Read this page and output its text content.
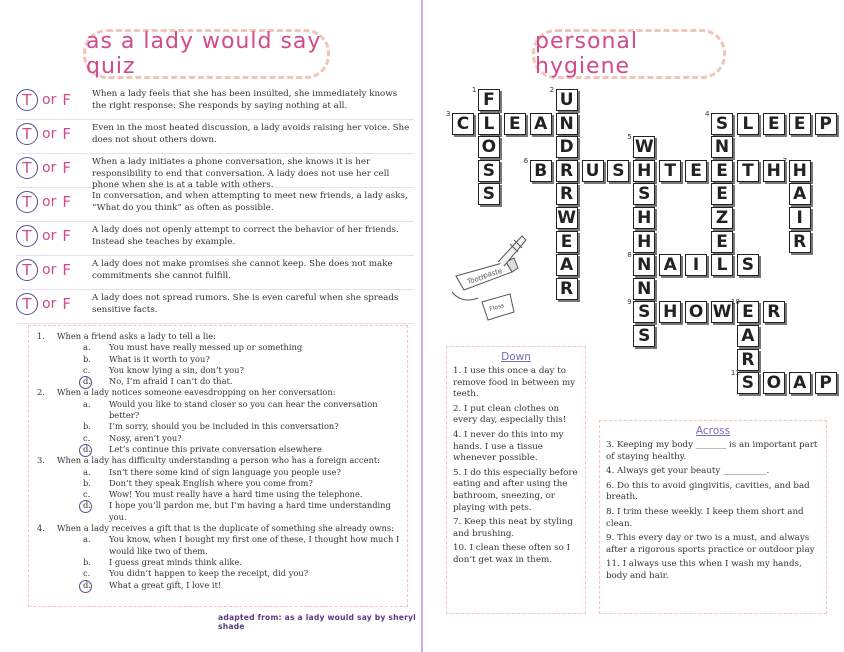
as a lady would say quiz
T or F When a lady feels that she has been insulted, she immediately knows the right response: She responds by saying nothing at all.
T or F Even in the most heated discussion, a lady avoids raising her voice. She does not shout others down.
T or F When a lady initiates a phone conversation, she knows it is her responsibility to end that conversation. A lady does not use her cell phone when she is at a table with others.
T or F In conversation, and when attempting to meet new friends, a lady asks, “What do you think” as often as possible.
T or F A lady does not openly attempt to correct the behavior of her friends. Instead she teaches by example.
T or F A lady does not make promises she cannot keep. She does not make commitments she cannot fulfill.
T or F A lady does not spread rumors. She is even careful when she spreads sensitive facts.
1.	When a friend asks a lady to tell a lie:
a.	You must have really messed up or something
b.	What is it worth to you?
c.	You know lying a sin, don’t you?
d.	No, I’m afraid I can’t do that.
2.	When a lady notices someone eavesdropping on her conversation:
a.	Would you like to stand closer so you can hear the conversation better?
b.	I’m sorry, should you be included in this conversation?
c.	Nosy, aren’t you?
d.	Let’s continue this private conversation elsewhere
3.	When a lady has difficulty understanding a person who has a foreign accent:
a.	Isn’t there some kind of sign language you people use?
b.	Don’t they speak English where you come from?
c.	Wow! You must really have a hard time using the telephone.
d.	I hope you’ll pardon me, but I’m having a hard time understanding you.
4.	When a lady receives a gift that is the duplicate of something she already owns:
a.	You know, when I bought my first one of these, I thought how much I would like two of them.
b.	I guess great minds think alike.
c.	You didn’t happen to keep the receipt, did you?
d.	What a great gift, I love it!
adapted from: as a lady would say by sheryl shade
personal hygiene
F
L
O
S
S
U
N
D
R
R
W
E
A
R
C	E A	S
N
E
E
Z
E
L E E P
W
H
S
H
H
N
N
S
S
B U S	T E	T H H
A
I
R
A I	L S
H O W E R
A
R
S O A P
1	2
3	4
5
6	7
8
9	10
11
Tooth
paste
Floss
Down
1. I use this once a day to remove food in between my teeth.
2. I put clean clothes on every day, especially this!
4. I never do this into my hands. I use a tissue whenever possible.
5. I do this especially before eating and after using the bathroom, sneezing, or playing with pets.
7. Keep this neat by styling and brushing.
10. I clean these often so I don’t get wax in them.
Across
3. Keeping my body _______ is an important part of staying healthy.
4. Always get your beauty __________.
6. Do this to avoid gingivitis, cavities, and bad breath.
8. I trim these weekly. I keep them short and clean.
9. This every day or two is a must, and always after a rigorous sports practice or outdoor play
11. I always use this when I wash my hands, body and hair.
